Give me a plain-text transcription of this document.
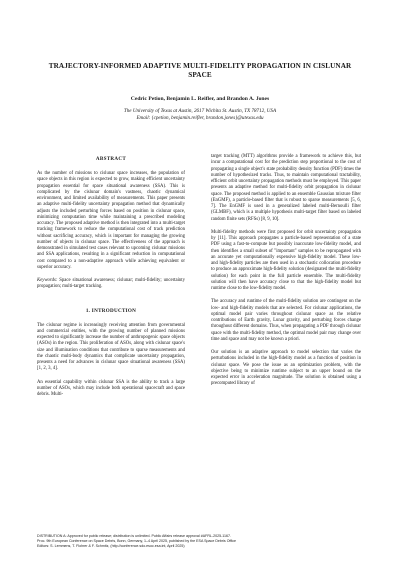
TRAJECTORY-INFORMED ADAPTIVE MULTI-FIDELITY PROPAGATION IN CISLUNAR SPACE
Cedric Petion, Benjamin L. Reifler, and Brandon A. Jones
The University of Texas at Austin, 2617 Wichita St. Austin, TX 78712, USA
Email: {cpetion, benjamin.reifler, brandon.jones}@utexas.edu
ABSTRACT

As the number of missions to cislunar space increases, the population of space objects in this region is expected to grow, making efficient uncertainty propagation essential for space situational awareness (SSA). This is complicated by the cislunar domain's vastness, chaotic dynamical environment, and limited availability of measurements. This paper presents an adaptive multi-fidelity uncertainty propagation method that dynamically adjusts the included perturbing forces based on position in cislunar space, minimizing computation time while maintaining a prescribed modeling accuracy. The proposed adaptive method is then integrated into a multi-target tracking framework to reduce the computational cost of track prediction without sacrificing accuracy, which is important for managing the growing number of objects in cislunar space. The effectiveness of the approach is demonstrated in simulated test cases relevant to upcoming cislunar missions and SSA applications, resulting in a significant reduction in computational cost compared to a non-adaptive approach while achieving equivalent or superior accuracy.

Keywords: Space situational awareness; cislunar; multi-fidelity; uncertainty propagation; multi-target tracking.

1. INTRODUCTION

The cislunar regime is increasingly receiving attention from governmental and commercial entities, with the growing number of planned missions expected to significantly increase the number of anthropogenic space objects (ASOs) in the region. This proliferation of ASOs, along with cislunar space's size and illumination conditions that contribute to sparse measurements and the chaotic multi-body dynamics that complicate uncertainty propagation, presents a need for advances in cislunar space situational awareness (SSA) [1, 2, 3, 4].

An essential capability within cislunar SSA is the ability to track a large number of ASOs, which may include both operational spacecraft and space debris. Multi-

target tracking (MTT) algorithms provide a framework to achieve this, but incur a computational cost for the prediction step proportional to the cost of propagating a single object's state probability density function (PDF) times the number of hypothesized tracks. Thus, to maintain computational tractability, efficient orbit uncertainty propagation methods must be employed. This paper presents an adaptive method for multi-fidelity orbit propagation in cislunar space. The proposed method is applied to an ensemble Gaussian mixture filter (EnGMF), a particle-based filter that is robust to sparse measurements [5, 6, 7]. The EnGMF is used in a generalized labeled multi-Bernoulli filter (GLMBF), which is a multiple hypothesis multi-target filter based on labeled random finite sets (RFSs) [8, 9, 10].

Multi-fidelity methods were first proposed for orbit uncertainty propagation by [11]. This approach propagates a particle-based representation of a state PDF using a fast-to-compute but possibly inaccurate low-fidelity model, and then identifies a small subset of "important" samples to be repropagated with an accurate yet computationally expensive high-fidelity model. These low- and high-fidelity particles are then used in a stochastic collocation procedure to produce an approximate high-fidelity solution (designated the multi-fidelity solution) for each point in the full particle ensemble. The multi-fidelity solution will then have accuracy close to that the high-fidelity model but runtime close to the low-fidelity model.

The accuracy and runtime of the multi-fidelity solution are contingent on the low- and high-fidelity models that are selected. For cislunar applications, the optimal model pair varies throughout cislunar space as the relative contributions of Earth gravity, Lunar gravity, and perturbing forces change throughout different domains. Thus, when propagating a PDF through cislunar space with the multi-fidelity method, the optimal model pair may change over time and space and may not be known a priori.

Our solution is an adaptive approach to model selection that varies the perturbations included in the high-fidelity model as a function of position in cislunar space. We pose the issue as an optimization problem, with the objective being to minimize runtime subject to an upper bound on the expected error in acceleration magnitude. The solution is obtained using a precomputed library of

DISTRIBUTION A: Approved for public release; distribution is unlimited. Public Affairs release approval #AFRL-2025-1167.
Proc. 9th European Conference on Space Debris, Bonn, Germany, 1–4 April 2025, published by the ESA Space Debris Office
Editors: S. Lemmens, T. Flohrer & F. Schmitz, (http://conference.sdo.esoc.esa.int, April 2025)
